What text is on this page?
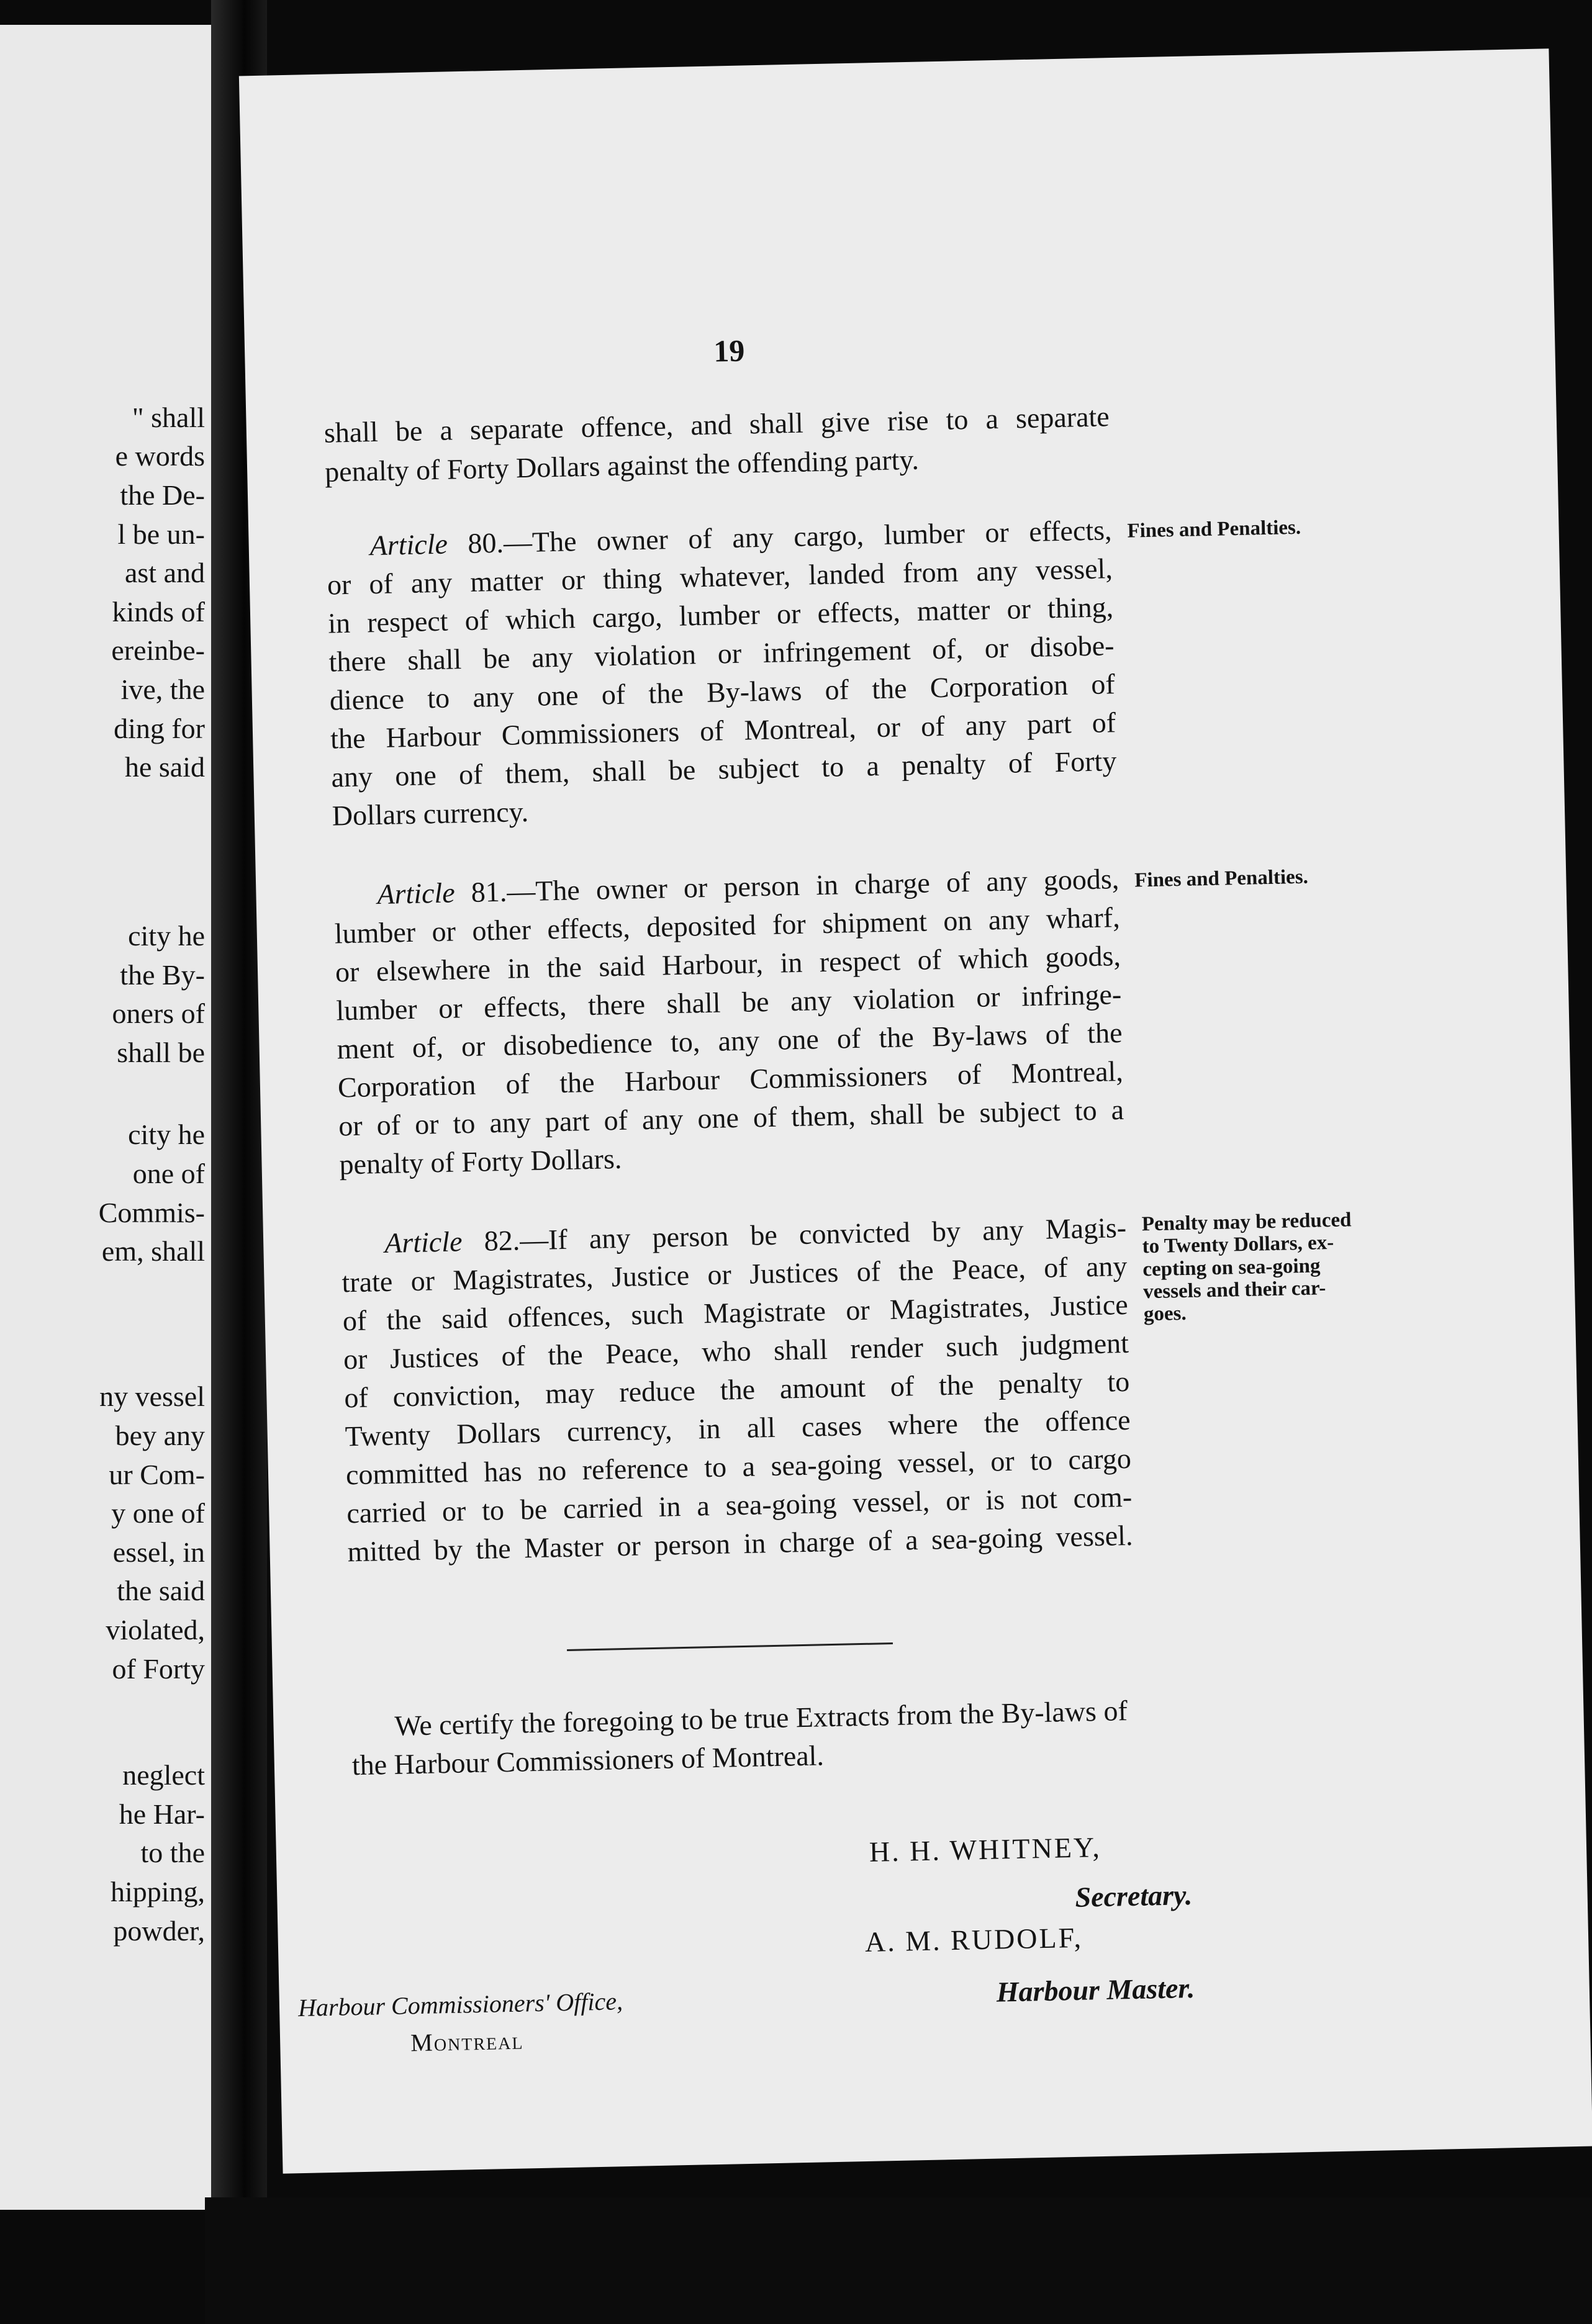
" shall
e words
the De-
l be un-
ast and
kinds of
ereinbe-
ive, the
ding for
he said
city he
the By-
oners of
shall be
city he
one of
Commis-
em, shall
ny vessel
bey any
ur Com-
y one of
essel, in
the said
violated,
of Forty
neglect
he Har-
to the
hipping,
powder,
19
shall be a separate offence, and shall give rise to a separate
penalty of Forty Dollars against the offending party.
Article 80.—The owner of any cargo, lumber or effects,
or of any matter or thing whatever, landed from any vessel,
in respect of which cargo, lumber or effects, matter or thing,
there shall be any violation or infringement of, or disobe-
dience to any one of the By-laws of the Corporation of
the Harbour Commissioners of Montreal, or of any part of
any one of them, shall be subject to a penalty of Forty
Dollars currency.
Fines and Penalties.
Article 81.—The owner or person in charge of any goods,
lumber or other effects, deposited for shipment on any wharf,
or elsewhere in the said Harbour, in respect of which goods,
lumber or effects, there shall be any violation or infringe-
ment of, or disobedience to, any one of the By-laws of the
Corporation of the Harbour Commissioners of Montreal,
or of or to any part of any one of them, shall be subject to a
penalty of Forty Dollars.
Fines and Penalties.
Article 82.—If any person be convicted by any Magis-
trate or Magistrates, Justice or Justices of the Peace, of any
of the said offences, such Magistrate or Magistrates, Justice
or Justices of the Peace, who shall render such judgment
of conviction, may reduce the amount of the penalty to
Twenty Dollars currency, in all cases where the offence
committed has no reference to a sea-going vessel, or to cargo
carried or to be carried in a sea-going vessel, or is not com-
mitted by the Master or person in charge of a sea-going vessel.
Penalty may be reduced
to Twenty Dollars, ex-
cepting on sea-going
vessels and their car-
goes.
We certify the foregoing to be true Extracts from the By-laws of
the Harbour Commissioners of Montreal.
H. H. WHITNEY,
Secretary.
A. M. RUDOLF,
Harbour Master.
Harbour Commissioners' Office,
Montreal
